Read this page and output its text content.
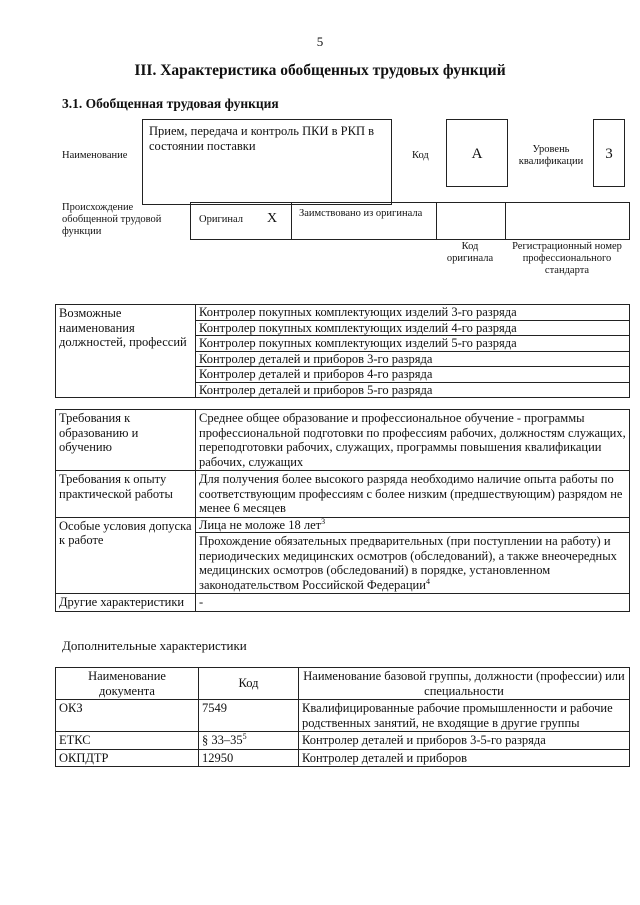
5
III. Характеристика обобщенных трудовых функций
3.1. Обобщенная трудовая функция
Наименование
Прием, передача и контроль ПКИ в РКП в состоянии поставки
Код	А	Уровень квалификации	3
Происхождение обобщенной трудовой функции
Оригинал X Заимствовано из оригинала
Код оригинала
Регистрационный номер профессионального стандарта
Возможные наименования должностей, профессий	Контролер покупных комплектующих изделий 3-го разряда
Контролер покупных комплектующих изделий 4-го разряда
Контролер покупных комплектующих изделий 5-го разряда
Контролер деталей и приборов 3-го разряда
Контролер деталей и приборов 4-го разряда
Контролер деталей и приборов 5-го разряда
Требования к образованию и обучению	Среднее общее образование и профессиональное обучение - программы профессиональной подготовки по профессиям рабочих, должностям служащих, переподготовки рабочих, служащих, программы повышения квалификации рабочих, служащих
Требования к опыту практической работы	Для получения более высокого разряда необходимо наличие опыта работы по соответствующим профессиям с более низким (предшествующим) разрядом не менее 6 месяцев
Особые условия допуска к работе	Лица не моложе 18 лет$^3$
	Прохождение обязательных предварительных (при поступлении на работу) и периодических медицинских осмотров (обследований), а также внеочередных медицинских осмотров (обследований) в порядке, установленном законодательством Российской Федерации$^4$
Другие характеристики	-
Дополнительные характеристики
Наименование документа	Код	Наименование базовой группы, должности (профессии) или специальности
ОКЗ	7549	Квалифицированные рабочие промышленности и рабочие родственных занятий, не входящие в другие группы
ЕТКС	§ $33-35^5$	Контролер деталей и приборов 3-5-го разряда
ОКПДТР	12950	Контролер деталей и приборов
